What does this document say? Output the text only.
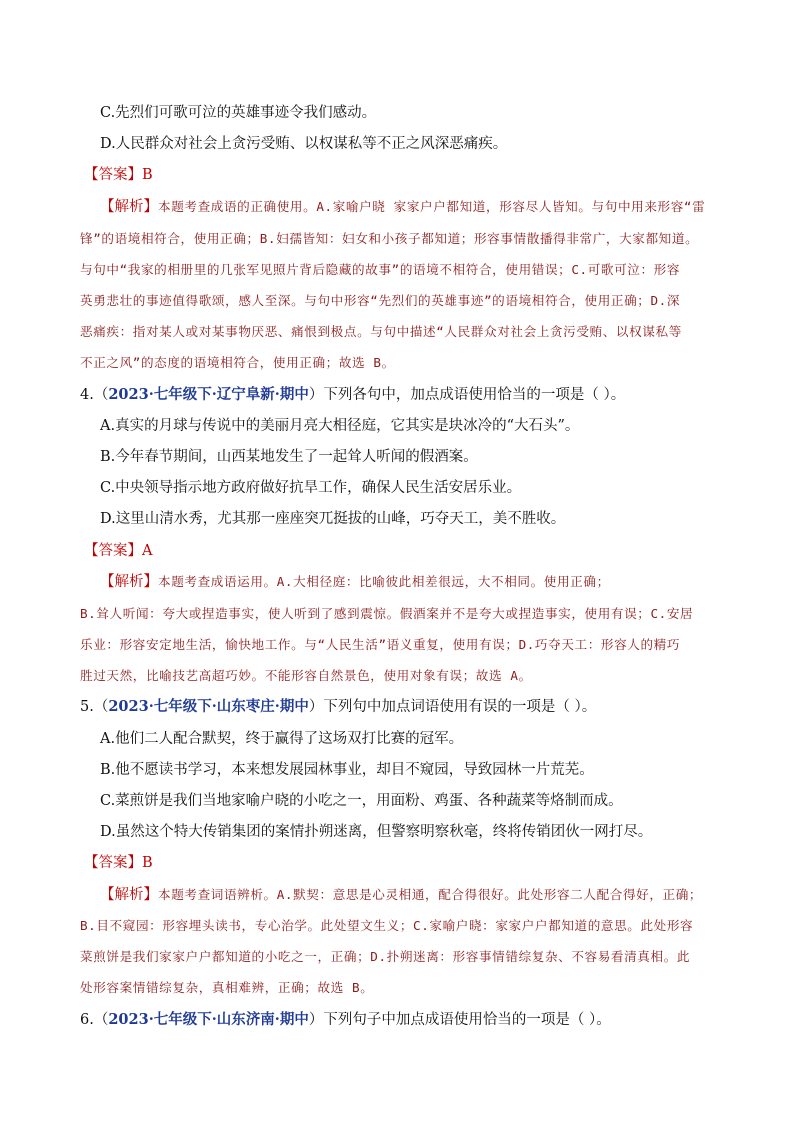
C.先烈们可歌可泣的英雄事迹令我们感动。
D.人民群众对社会上贪污受贿、以权谋私等不正之风深恶痛疾。
【答案】B
【解析】本题考查成语的正确使用。A.家喻户晓 家家户户都知道，形容尽人皆知。与句中用来形容“雷
锋”的语境相符合，使用正确；B.妇孺皆知：妇女和小孩子都知道；形容事情散播得非常广，大家都知道。
与句中“我家的相册里的几张军见照片背后隐藏的故事”的语境不相符合，使用错误；C.可歌可泣：形容
英勇悲壮的事迹值得歌颂，感人至深。与句中形容“先烈们的英雄事迹”的语境相符合，使用正确；D.深
恶痛疾：指对某人或对某事物厌恶、痛恨到极点。与句中描述“人民群众对社会上贪污受贿、以权谋私等
不正之风”的态度的语境相符合，使用正确；故选 B。
4.（2023·七年级下·辽宁阜新·期中）下列各句中，加点成语使用恰当的一项是（ ）。
A.真实的月球与传说中的美丽月亮大相径庭，它其实是块冰冷的“大石头”。
B.今年春节期间，山西某地发生了一起耸人听闻的假酒案。
C.中央领导指示地方政府做好抗旱工作，确保人民生活安居乐业。
D.这里山清水秀，尤其那一座座突兀挺拔的山峰，巧夺天工，美不胜收。
【答案】A
【解析】本题考查成语运用。A.大相径庭：比喻彼此相差很远，大不相同。使用正确；
B.耸人听闻：夸大或捏造事实，使人听到了感到震惊。假酒案并不是夸大或捏造事实，使用有误；C.安居
乐业：形容安定地生活，愉快地工作。与“人民生活”语义重复，使用有误；D.巧夺天工：形容人的精巧
胜过天然，比喻技艺高超巧妙。不能形容自然景色，使用对象有误；故选 A。
5.（2023·七年级下·山东枣庄·期中）下列句中加点词语使用有误的一项是（ ）。
A.他们二人配合默契，终于赢得了这场双打比赛的冠军。
B.他不愿读书学习，本来想发展园林事业，却目不窥园，导致园林一片荒芜。
C.菜煎饼是我们当地家喻户晓的小吃之一，用面粉、鸡蛋、各种蔬菜等烙制而成。
D.虽然这个特大传销集团的案情扑朔迷离，但警察明察秋毫，终将传销团伙一网打尽。
【答案】B
【解析】本题考查词语辨析。A.默契：意思是心灵相通，配合得很好。此处形容二人配合得好，正确；
B.目不窥园：形容埋头读书，专心治学。此处望文生义；C.家喻户晓：家家户户都知道的意思。此处形容
菜煎饼是我们家家户户都知道的小吃之一，正确；D.扑朔迷离：形容事情错综复杂、不容易看清真相。此
处形容案情错综复杂，真相难辨，正确；故选 B。
6.（2023·七年级下·山东济南·期中）下列句子中加点成语使用恰当的一项是（ ）。
